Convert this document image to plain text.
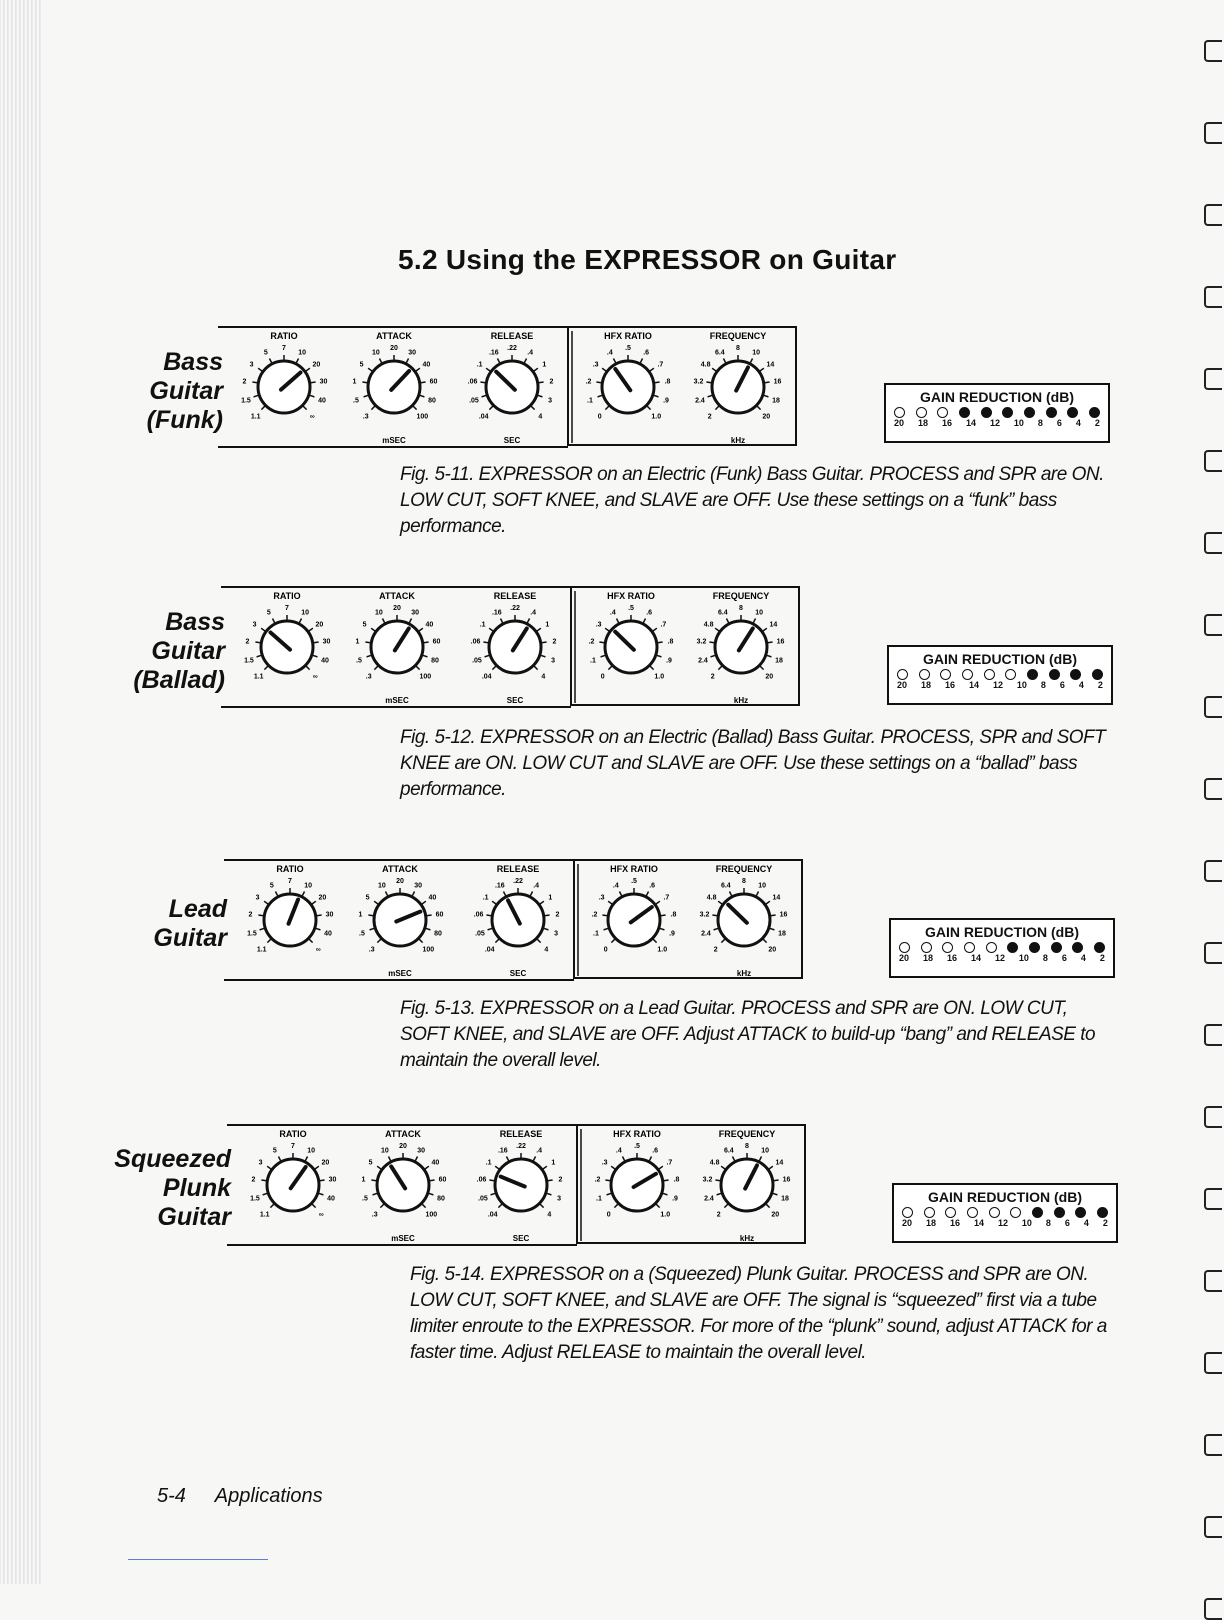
5.2 Using the EXPRESSOR on Guitar
5-4 Applications
Bass
Guitar
(Funk)
RATIO
1.1
1.5
2
3
5
7
10
20
30
40
∞
ATTACK
.3
.5
1
5
10
20
30
40
60
80
100
mSEC
RELEASE
.04
.05
.06
.1
.16
.22
.4
1
2
3
4
SEC
HFX RATIO
0
.1
.2
.3
.4
.5
.6
.7
.8
.9
1.0
FREQUENCY
2
2.4
3.2
4.8
6.4
8
10
14
16
18
20
kHz
GAIN REDUCTION (dB)
20 18 16 14 12 10 8 6 4 2
Fig. 5-11. EXPRESSOR on an Electric (Funk) Bass Guitar. PROCESS and SPR are ON. LOW CUT, SOFT KNEE, and SLAVE are OFF. Use these settings on a “funk” bass performance.
Bass
Guitar
(Ballad)
RATIO
1.1
1.5
2
3
5
7
10
20
30
40
∞
ATTACK
.3
.5
1
5
10
20
30
40
60
80
100
mSEC
RELEASE
.04
.05
.06
.1
.16
.22
.4
1
2
3
4
SEC
HFX RATIO
0
.1
.2
.3
.4
.5
.6
.7
.8
.9
1.0
FREQUENCY
2
2.4
3.2
4.8
6.4
8
10
14
16
18
20
kHz
GAIN REDUCTION (dB)
20 18 16 14 12 10 8 6 4 2
Fig. 5-12. EXPRESSOR on an Electric (Ballad) Bass Guitar. PROCESS, SPR and SOFT KNEE are ON. LOW CUT and SLAVE are OFF. Use these settings on a “ballad” bass performance.
Lead
Guitar
RATIO
1.1
1.5
2
3
5
7
10
20
30
40
∞
ATTACK
.3
.5
1
5
10
20
30
40
60
80
100
mSEC
RELEASE
.04
.05
.06
.1
.16
.22
.4
1
2
3
4
SEC
HFX RATIO
0
.1
.2
.3
.4
.5
.6
.7
.8
.9
1.0
FREQUENCY
2
2.4
3.2
4.8
6.4
8
10
14
16
18
20
kHz
GAIN REDUCTION (dB)
20 18 16 14 12 10 8 6 4 2
Fig. 5-13. EXPRESSOR on a Lead Guitar. PROCESS and SPR are ON. LOW CUT, SOFT KNEE, and SLAVE are OFF. Adjust ATTACK to build-up “bang” and RELEASE to maintain the overall level.
Squeezed
Plunk
Guitar
RATIO
1.1
1.5
2
3
5
7
10
20
30
40
∞
ATTACK
.3
.5
1
5
10
20
30
40
60
80
100
mSEC
RELEASE
.04
.05
.06
.1
.16
.22
.4
1
2
3
4
SEC
HFX RATIO
0
.1
.2
.3
.4
.5
.6
.7
.8
.9
1.0
FREQUENCY
2
2.4
3.2
4.8
6.4
8
10
14
16
18
20
kHz
GAIN REDUCTION (dB)
20 18 16 14 12 10 8 6 4 2
Fig. 5-14. EXPRESSOR on a (Squeezed) Plunk Guitar. PROCESS and SPR are ON. LOW CUT, SOFT KNEE, and SLAVE are OFF. The signal is “squeezed” first via a tube limiter enroute to the EXPRESSOR. For more of the “plunk” sound, adjust ATTACK for a faster time. Adjust RELEASE to maintain the overall level.
